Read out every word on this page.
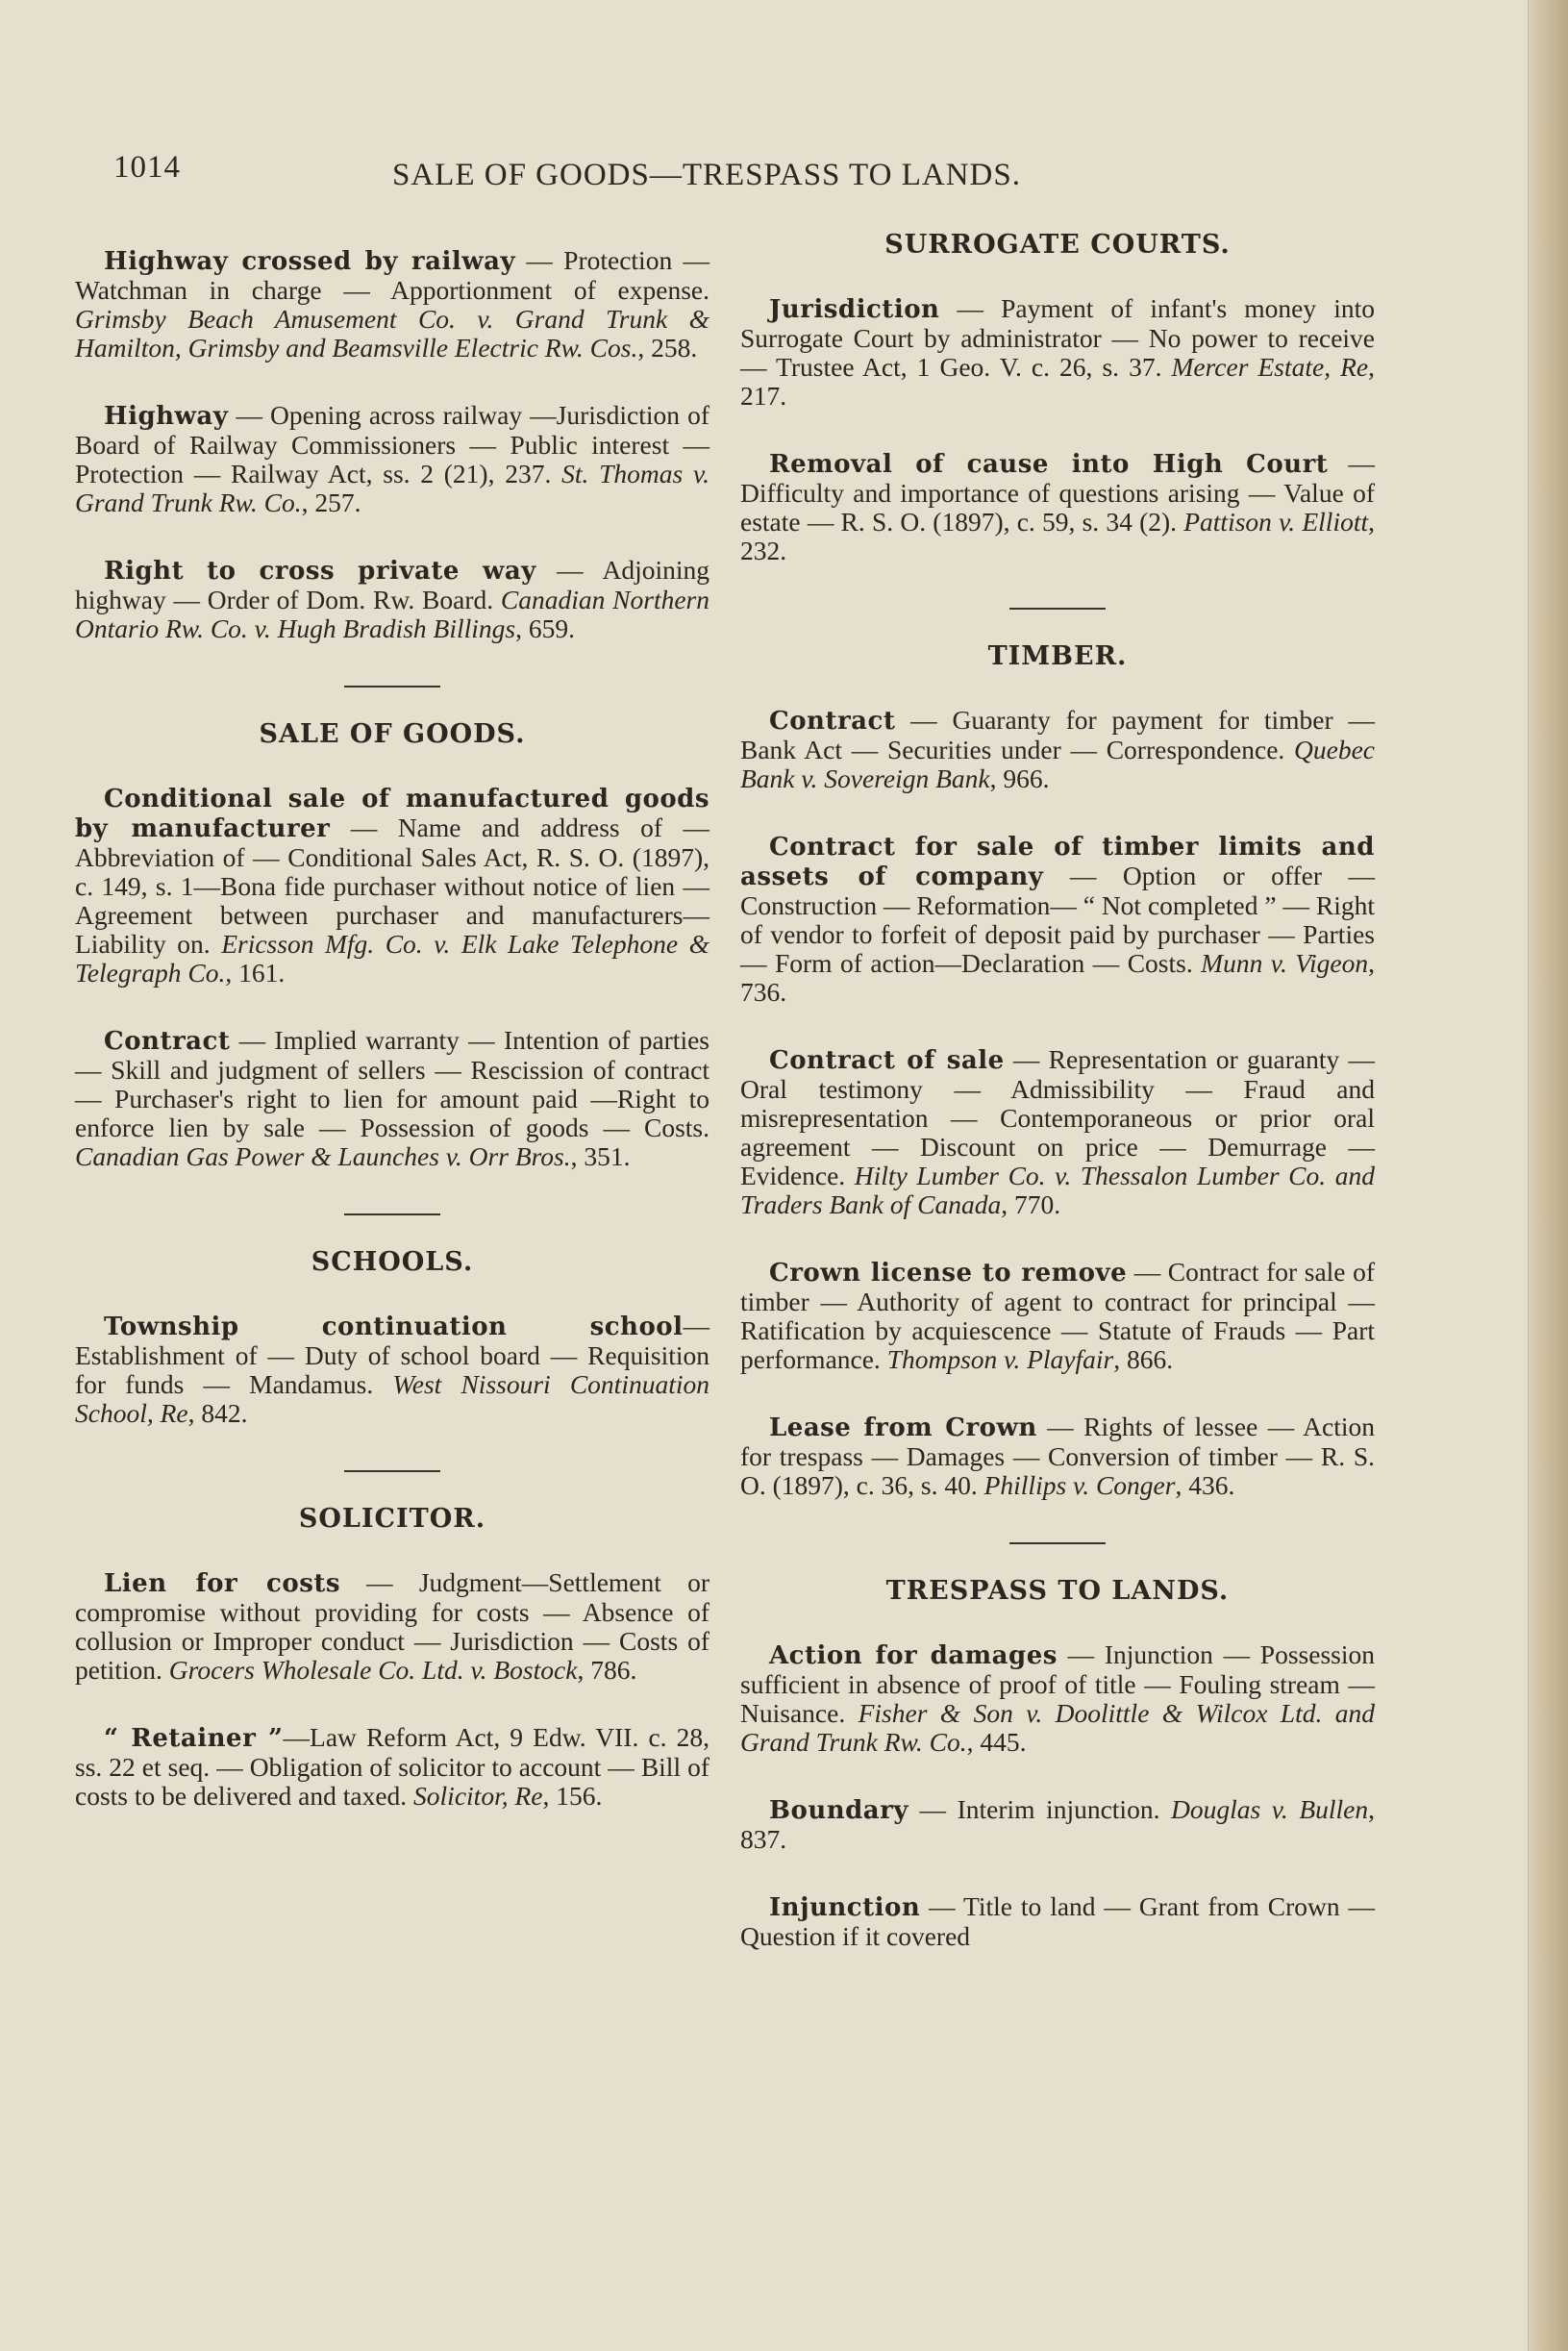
1014	SALE OF GOODS—TRESPASS TO LANDS.

Highway crossed by railway — Protection — Watchman in charge — Apportionment of expense. Grimsby Beach Amusement Co. v. Grand Trunk & Hamilton, Grimsby and Beamsville Electric Rw. Cos., 258.

Highway — Opening across railway —Jurisdiction of Board of Railway Commissioners — Public interest — Protection — Railway Act, ss. 2 (21), 237. St. Thomas v. Grand Trunk Rw. Co., 257.

Right to cross private way — Adjoining highway — Order of Dom. Rw. Board. Canadian Northern Ontario Rw. Co. v. Hugh Bradish Billings, 659.

SALE OF GOODS.

Conditional sale of manufactured goods by manufacturer — Name and address of — Abbreviation of — Conditional Sales Act, R. S. O. (1897), c. 149, s. 1—Bona fide purchaser without notice of lien — Agreement between purchaser and manufacturers—Liability on. Ericsson Mfg. Co. v. Elk Lake Telephone & Telegraph Co., 161.

Contract — Implied warranty — Intention of parties — Skill and judgment of sellers — Rescission of contract — Purchaser's right to lien for amount paid —Right to enforce lien by sale — Possession of goods — Costs. Canadian Gas Power & Launches v. Orr Bros., 351.

SCHOOLS.

Township continuation school—Establishment of — Duty of school board — Requisition for funds — Mandamus. West Nissouri Continuation School, Re, 842.

SOLICITOR.

Lien for costs — Judgment—Settlement or compromise without providing for costs — Absence of collusion or Improper conduct — Jurisdiction — Costs of petition. Grocers Wholesale Co. Ltd. v. Bostock, 786.

“ Retainer ”—Law Reform Act, 9 Edw. VII. c. 28, ss. 22 et seq. — Obligation of solicitor to account — Bill of costs to be delivered and taxed. Solicitor, Re, 156.

SURROGATE COURTS.

Jurisdiction — Payment of infant's money into Surrogate Court by administrator — No power to receive — Trustee Act, 1 Geo. V. c. 26, s. 37. Mercer Estate, Re, 217.

Removal of cause into High Court — Difficulty and importance of questions arising — Value of estate — R. S. O. (1897), c. 59, s. 34 (2). Pattison v. Elliott, 232.

TIMBER.

Contract — Guaranty for payment for timber — Bank Act — Securities under — Correspondence. Quebec Bank v. Sovereign Bank, 966.

Contract for sale of timber limits and assets of company — Option or offer — Construction — Reformation— “ Not completed ” — Right of vendor to forfeit of deposit paid by purchaser — Parties — Form of action—Declaration — Costs. Munn v. Vigeon, 736.

Contract of sale — Representation or guaranty — Oral testimony — Admissibility — Fraud and misrepresentation — Contemporaneous or prior oral agreement — Discount on price — Demurrage — Evidence. Hilty Lumber Co. v. Thessalon Lumber Co. and Traders Bank of Canada, 770.

Crown license to remove — Contract for sale of timber — Authority of agent to contract for principal — Ratification by acquiescence — Statute of Frauds — Part performance. Thompson v. Playfair, 866.

Lease from Crown — Rights of lessee — Action for trespass — Damages — Conversion of timber — R. S. O. (1897), c. 36, s. 40. Phillips v. Conger, 436.

TRESPASS TO LANDS.

Action for damages — Injunction — Possession sufficient in absence of proof of title — Fouling stream — Nuisance. Fisher & Son v. Doolittle & Wilcox Ltd. and Grand Trunk Rw. Co., 445.

Boundary — Interim injunction. Douglas v. Bullen, 837.

Injunction — Title to land — Grant from Crown — Question if it covered
